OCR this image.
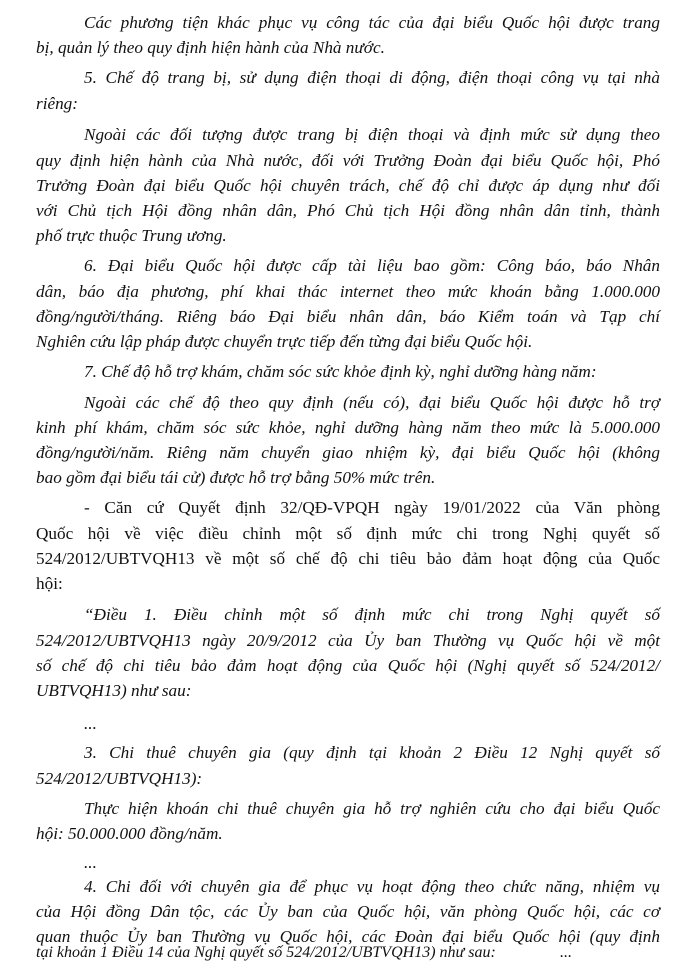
Các phương tiện khác phục vụ công tác của đại biểu Quốc hội được trang
bị, quản lý theo quy định hiện hành của Nhà nước.
5. Chế độ trang bị, sử dụng điện thoại di động, điện thoại công vụ tại nhà
riêng:
Ngoài các đối tượng được trang bị điện thoại và định mức sử dụng theo
quy định hiện hành của Nhà nước, đối với Trưởng Đoàn đại biểu Quốc hội, Phó
Trưởng Đoàn đại biểu Quốc hội chuyên trách, chế độ chỉ được áp dụng như đối
với Chủ tịch Hội đồng nhân dân, Phó Chủ tịch Hội đồng nhân dân tỉnh, thành
phố trực thuộc Trung ương.
6. Đại biểu Quốc hội được cấp tài liệu bao gồm: Công báo, báo Nhân
dân, báo địa phương, phí khai thác internet theo mức khoán bằng 1.000.000
đồng/người/tháng. Riêng báo Đại biểu nhân dân, báo Kiểm toán và Tạp chí
Nghiên cứu lập pháp được chuyển trực tiếp đến từng đại biểu Quốc hội.
7. Chế độ hỗ trợ khám, chăm sóc sức khỏe định kỳ, nghỉ dưỡng hàng năm:
Ngoài các chế độ theo quy định (nếu có), đại biểu Quốc hội được hỗ trợ
kinh phí khám, chăm sóc sức khỏe, nghỉ dưỡng hàng năm theo mức là 5.000.000
đồng/người/năm. Riêng năm chuyển giao nhiệm kỳ, đại biểu Quốc hội (không
bao gồm đại biểu tái cử) được hỗ trợ bằng 50% mức trên.
- Căn cứ Quyết định 32/QĐ-VPQH ngày 19/01/2022 của Văn phòng
Quốc hội về việc điều chỉnh một số định mức chi trong Nghị quyết số
524/2012/UBTVQH13 về một số chế độ chi tiêu bảo đảm hoạt động của Quốc
hội:
“Điều 1. Điều chỉnh một số định mức chi trong Nghị quyết số
524/2012/UBTVQH13 ngày 20/9/2012 của Ủy ban Thường vụ Quốc hội về một
số chế độ chi tiêu bảo đảm hoạt động của Quốc hội (Nghị quyết số 524/2012/
UBTVQH13) như sau:
...
3. Chi thuê chuyên gia (quy định tại khoản 2 Điều 12 Nghị quyết số
524/2012/UBTVQH13):
Thực hiện khoán chi thuê chuyên gia hỗ trợ nghiên cứu cho đại biểu Quốc
hội: 50.000.000 đồng/năm.
...
4. Chi đối với chuyên gia để phục vụ hoạt động theo chức năng, nhiệm vụ
của Hội đồng Dân tộc, các Ủy ban của Quốc hội, văn phòng Quốc hội, các cơ
quan thuộc Ủy ban Thường vụ Quốc hội, các Đoàn đại biểu Quốc hội (quy định
tại khoản 1 Điều 14 của Nghị quyết số 524/2012/UBTVQH13) như sau:	...
